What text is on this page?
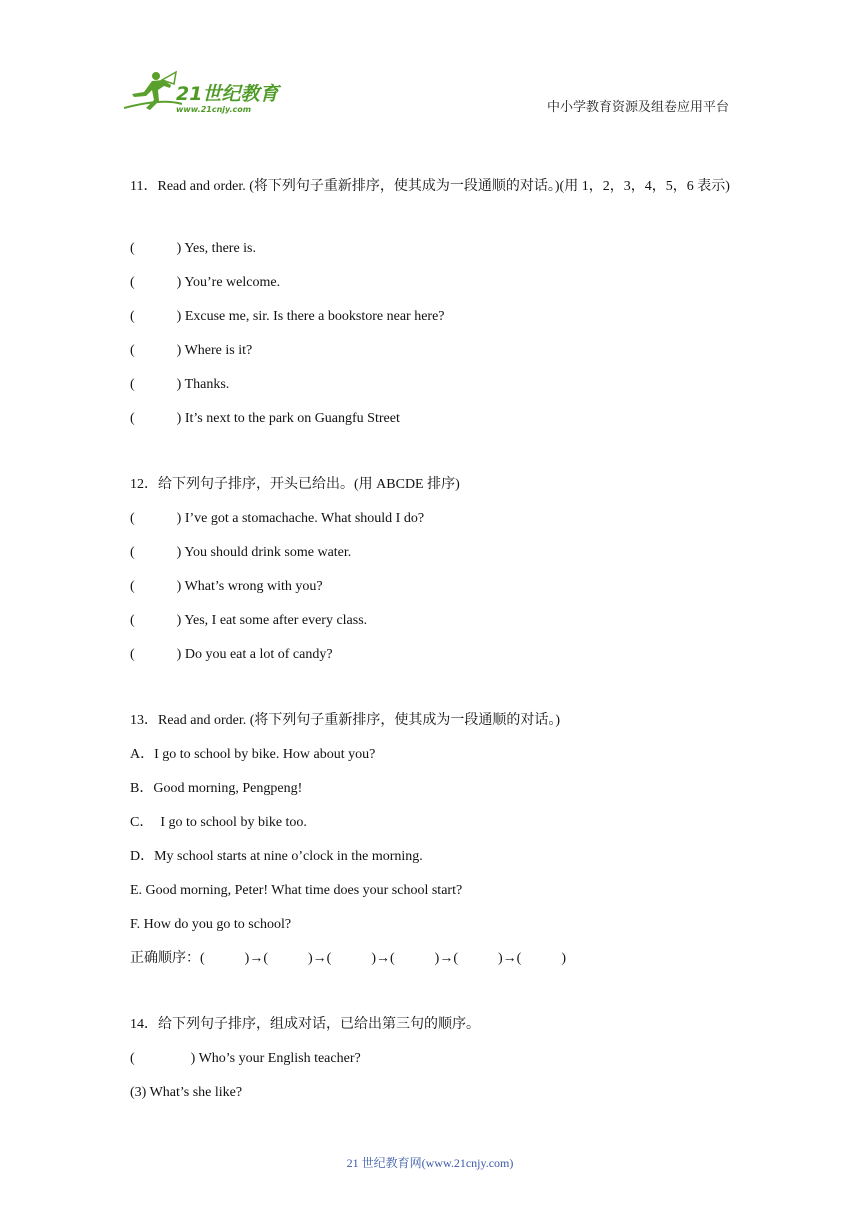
21世纪教育
www.21cnjy.com	中小学教育资源及组卷应用平台
11．Read and order. (将下列句子重新排序，使其成为一段通顺的对话。)(用 1，2，3，4，5，6 表示)
(	) Yes, there is.
(	) You’re welcome.
(	) Excuse me, sir. Is there a bookstore near here?
(	) Where is it?
(	) Thanks.
(	) It’s next to the park on Guangfu Street
12．给下列句子排序，开头已给出。(用 ABCDE 排序)
(	) I’ve got a stomachache. What should I do?
(	) You should drink some water.
(	) What’s wrong with you?
(	) Yes, I eat some after every class.
(	) Do you eat a lot of candy?
13．Read and order. (将下列句子重新排序，使其成为一段通顺的对话。)
A．I go to school by bike. How about you?
B．Good morning, Pengpeng!
C．  I go to school by bike too.
D．My school starts at nine o’clock in the morning.
E. Good morning, Peter! What time does your school start?
F. How do you go to school?
正确顺序：(	)→(	)→(	)→(	)→(	)→(	)
14．给下列句子排序，组成对话，已给出第三句的顺序。
(	) Who’s your English teacher?
(3) What’s she like?
21 世纪教育网(www.21cnjy.com)
